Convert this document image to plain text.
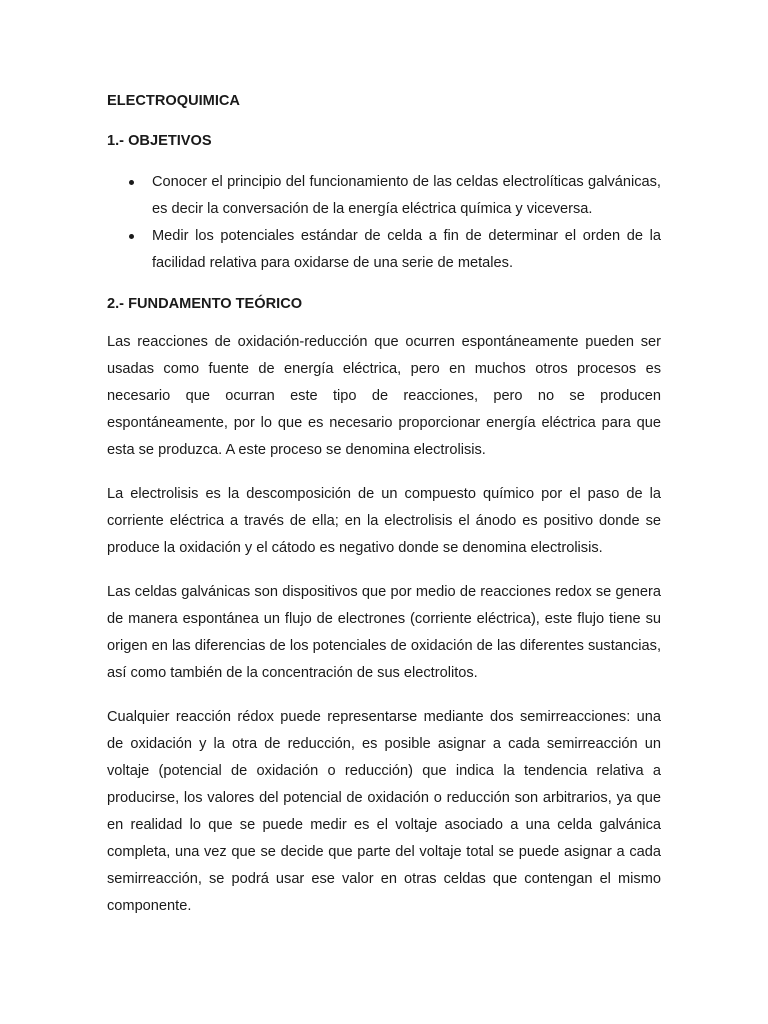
ELECTROQUIMICA

1.- OBJETIVOS

Conocer el principio del funcionamiento de las celdas electrolíticas galvánicas, es decir la conversación de la energía eléctrica química y viceversa.
Medir los potenciales estándar de celda a fin de determinar el orden de la facilidad relativa para oxidarse de una serie de metales.

2.- FUNDAMENTO TEÓRICO

Las reacciones de oxidación-reducción que ocurren espontáneamente pueden ser usadas como fuente de energía eléctrica, pero en muchos otros procesos es necesario que ocurran este tipo de reacciones, pero no se producen espontáneamente, por lo que es necesario proporcionar energía eléctrica para que esta se produzca. A este proceso se denomina electrolisis.

La electrolisis es la descomposición de un compuesto químico por el paso de la corriente eléctrica a través de ella; en la electrolisis el ánodo es positivo donde se produce la oxidación y el cátodo es negativo donde se denomina electrolisis.

Las celdas galvánicas son dispositivos que por medio de reacciones redox se genera de manera espontánea un flujo de electrones (corriente eléctrica), este flujo tiene su origen en las diferencias de los potenciales de oxidación de las diferentes sustancias, así como también de la concentración de sus electrolitos.

Cualquier reacción rédox puede representarse mediante dos semirreacciones: una de oxidación y la otra de reducción, es posible asignar a cada semirreacción un voltaje (potencial de oxidación o reducción) que indica la tendencia relativa a producirse, los valores del potencial de oxidación o reducción son arbitrarios, ya que en realidad lo que se puede medir es el voltaje asociado a una celda galvánica completa, una vez que se decide que parte del voltaje total se puede asignar a cada semirreacción, se podrá usar ese valor en otras celdas que contengan el mismo componente.
